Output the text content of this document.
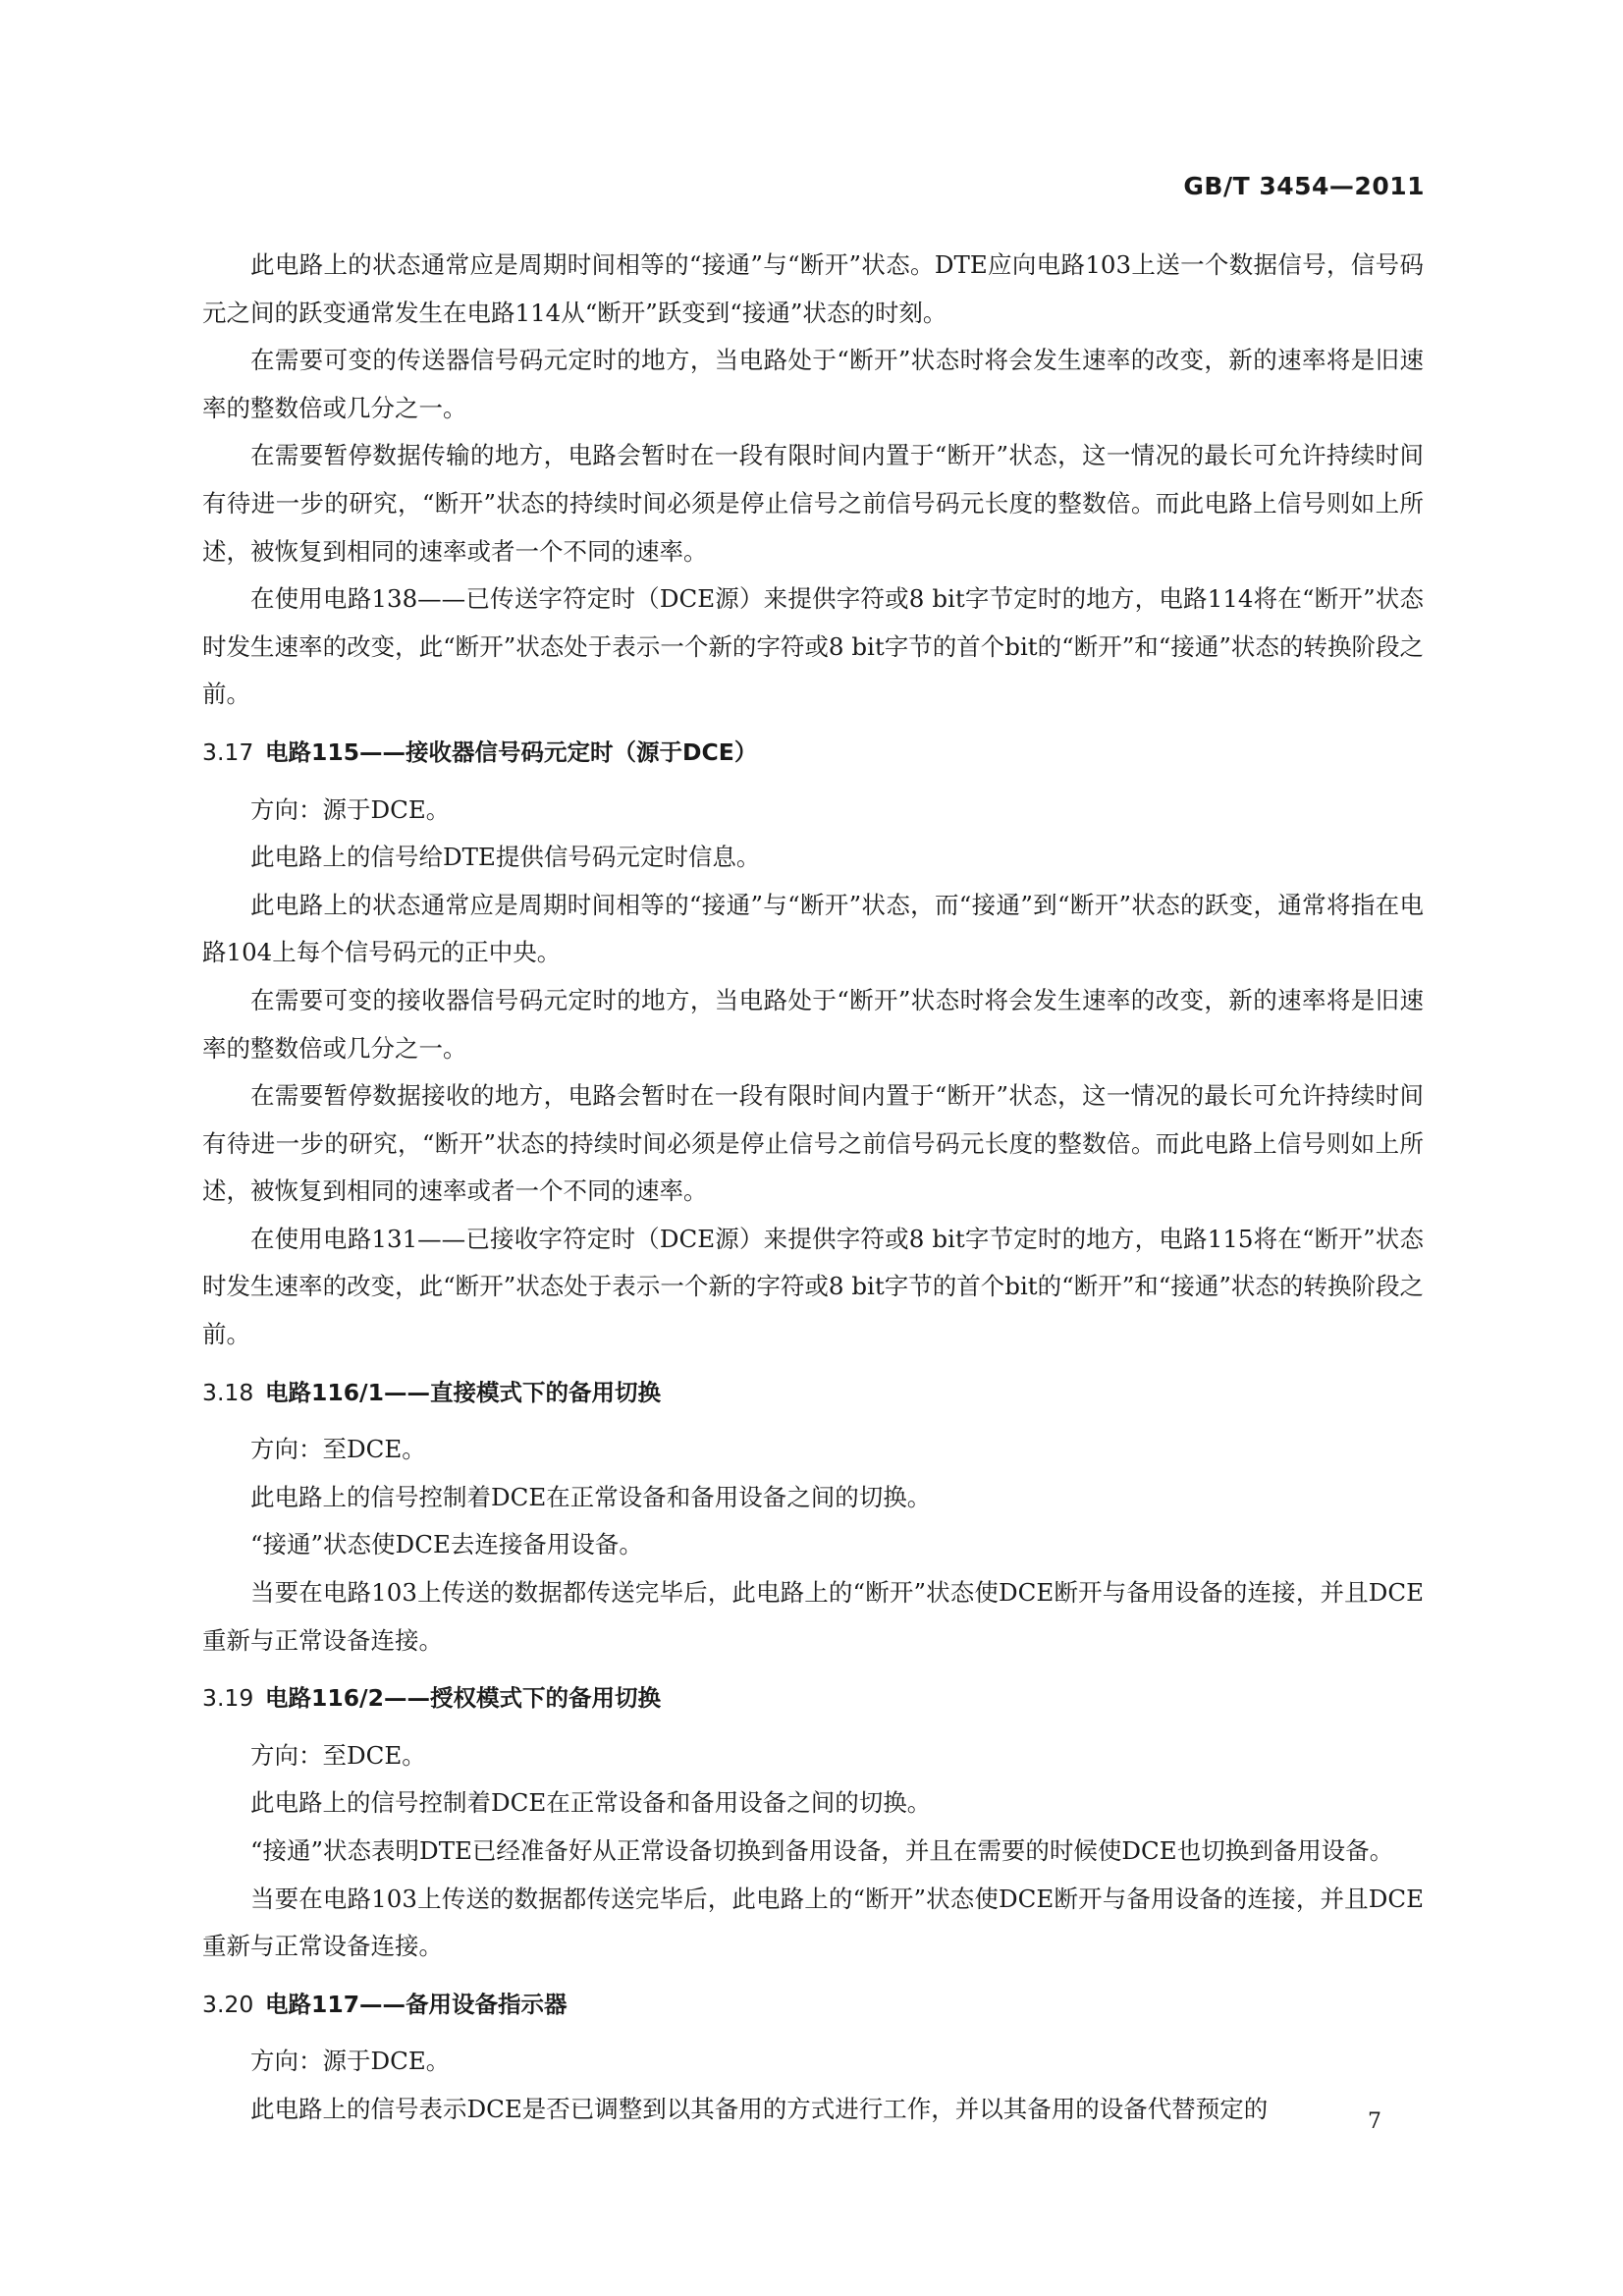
GB/T 3454—2011

此电路上的状态通常应是周期时间相等的“接通”与“断开”状态。DTE应向电路103上送一个数据信号，信号码元之间的跃变通常发生在电路114从“断开”跃变到“接通”状态的时刻。

在需要可变的传送器信号码元定时的地方，当电路处于“断开”状态时将会发生速率的改变，新的速率将是旧速率的整数倍或几分之一。

在需要暂停数据传输的地方，电路会暂时在一段有限时间内置于“断开”状态，这一情况的最长可允许持续时间有待进一步的研究，“断开”状态的持续时间必须是停止信号之前信号码元长度的整数倍。而此电路上信号则如上所述，被恢复到相同的速率或者一个不同的速率。

在使用电路138——已传送字符定时（DCE源）来提供字符或8 bit字节定时的地方，电路114将在“断开”状态时发生速率的改变，此“断开”状态处于表示一个新的字符或8 bit字节的首个bit的“断开”和“接通”状态的转换阶段之前。

3.17 电路115——接收器信号码元定时（源于DCE）

方向：源于DCE。

此电路上的信号给DTE提供信号码元定时信息。

此电路上的状态通常应是周期时间相等的“接通”与“断开”状态，而“接通”到“断开”状态的跃变，通常将指在电路104上每个信号码元的正中央。

在需要可变的接收器信号码元定时的地方，当电路处于“断开”状态时将会发生速率的改变，新的速率将是旧速率的整数倍或几分之一。

在需要暂停数据接收的地方，电路会暂时在一段有限时间内置于“断开”状态，这一情况的最长可允许持续时间有待进一步的研究，“断开”状态的持续时间必须是停止信号之前信号码元长度的整数倍。而此电路上信号则如上所述，被恢复到相同的速率或者一个不同的速率。

在使用电路131——已接收字符定时（DCE源）来提供字符或8 bit字节定时的地方，电路115将在“断开”状态时发生速率的改变，此“断开”状态处于表示一个新的字符或8 bit字节的首个bit的“断开”和“接通”状态的转换阶段之前。

3.18 电路116/1——直接模式下的备用切换

方向：至DCE。

此电路上的信号控制着DCE在正常设备和备用设备之间的切换。

“接通”状态使DCE去连接备用设备。

当要在电路103上传送的数据都传送完毕后，此电路上的“断开”状态使DCE断开与备用设备的连接，并且DCE重新与正常设备连接。

3.19 电路116/2——授权模式下的备用切换

方向：至DCE。

此电路上的信号控制着DCE在正常设备和备用设备之间的切换。

“接通”状态表明DTE已经准备好从正常设备切换到备用设备，并且在需要的时候使DCE也切换到备用设备。

当要在电路103上传送的数据都传送完毕后，此电路上的“断开”状态使DCE断开与备用设备的连接，并且DCE重新与正常设备连接。

3.20 电路117——备用设备指示器

方向：源于DCE。

此电路上的信号表示DCE是否已调整到以其备用的方式进行工作，并以其备用的设备代替预定的	7
